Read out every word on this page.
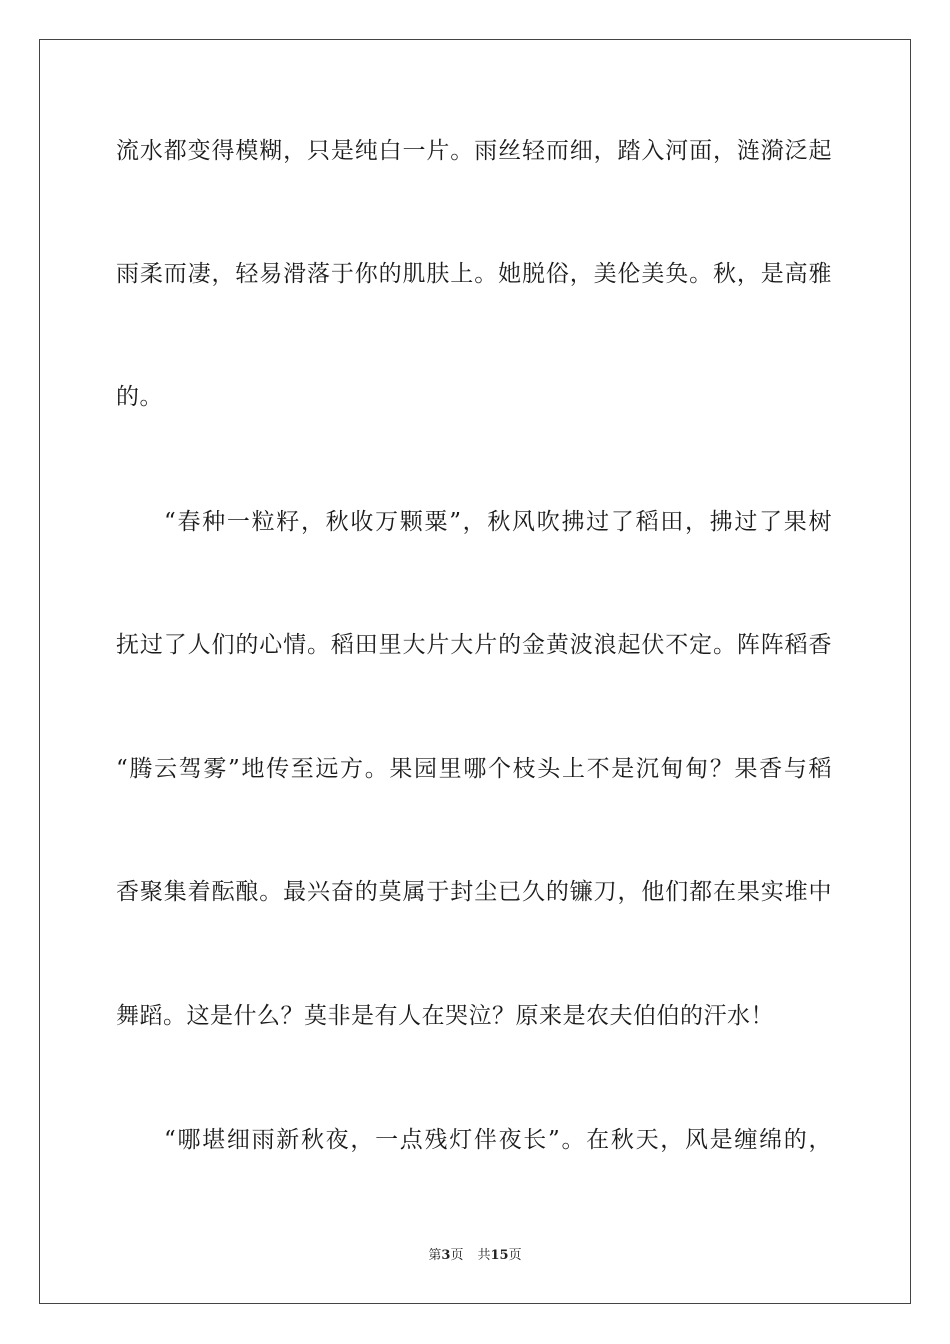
流水都变得模糊，只是纯白一片。雨丝轻而细，踏入河面，涟漪泛起
雨柔而凄，轻易滑落于你的肌肤上。她脱俗，美伦美奂。秋，是高雅
的。
“春种一粒籽，秋收万颗粟”，秋风吹拂过了稻田，拂过了果树
抚过了人们的心情。稻田里大片大片的金黄波浪起伏不定。阵阵稻香
“腾云驾雾”地传至远方。果园里哪个枝头上不是沉甸甸？果香与稻
香聚集着酝酿。最兴奋的莫属于封尘已久的镰刀，他们都在果实堆中
舞蹈。这是什么？莫非是有人在哭泣？原来是农夫伯伯的汗水！
“哪堪细雨新秋夜，一点残灯伴夜长”。在秋天，风是缠绵的，
第3页 共15页
